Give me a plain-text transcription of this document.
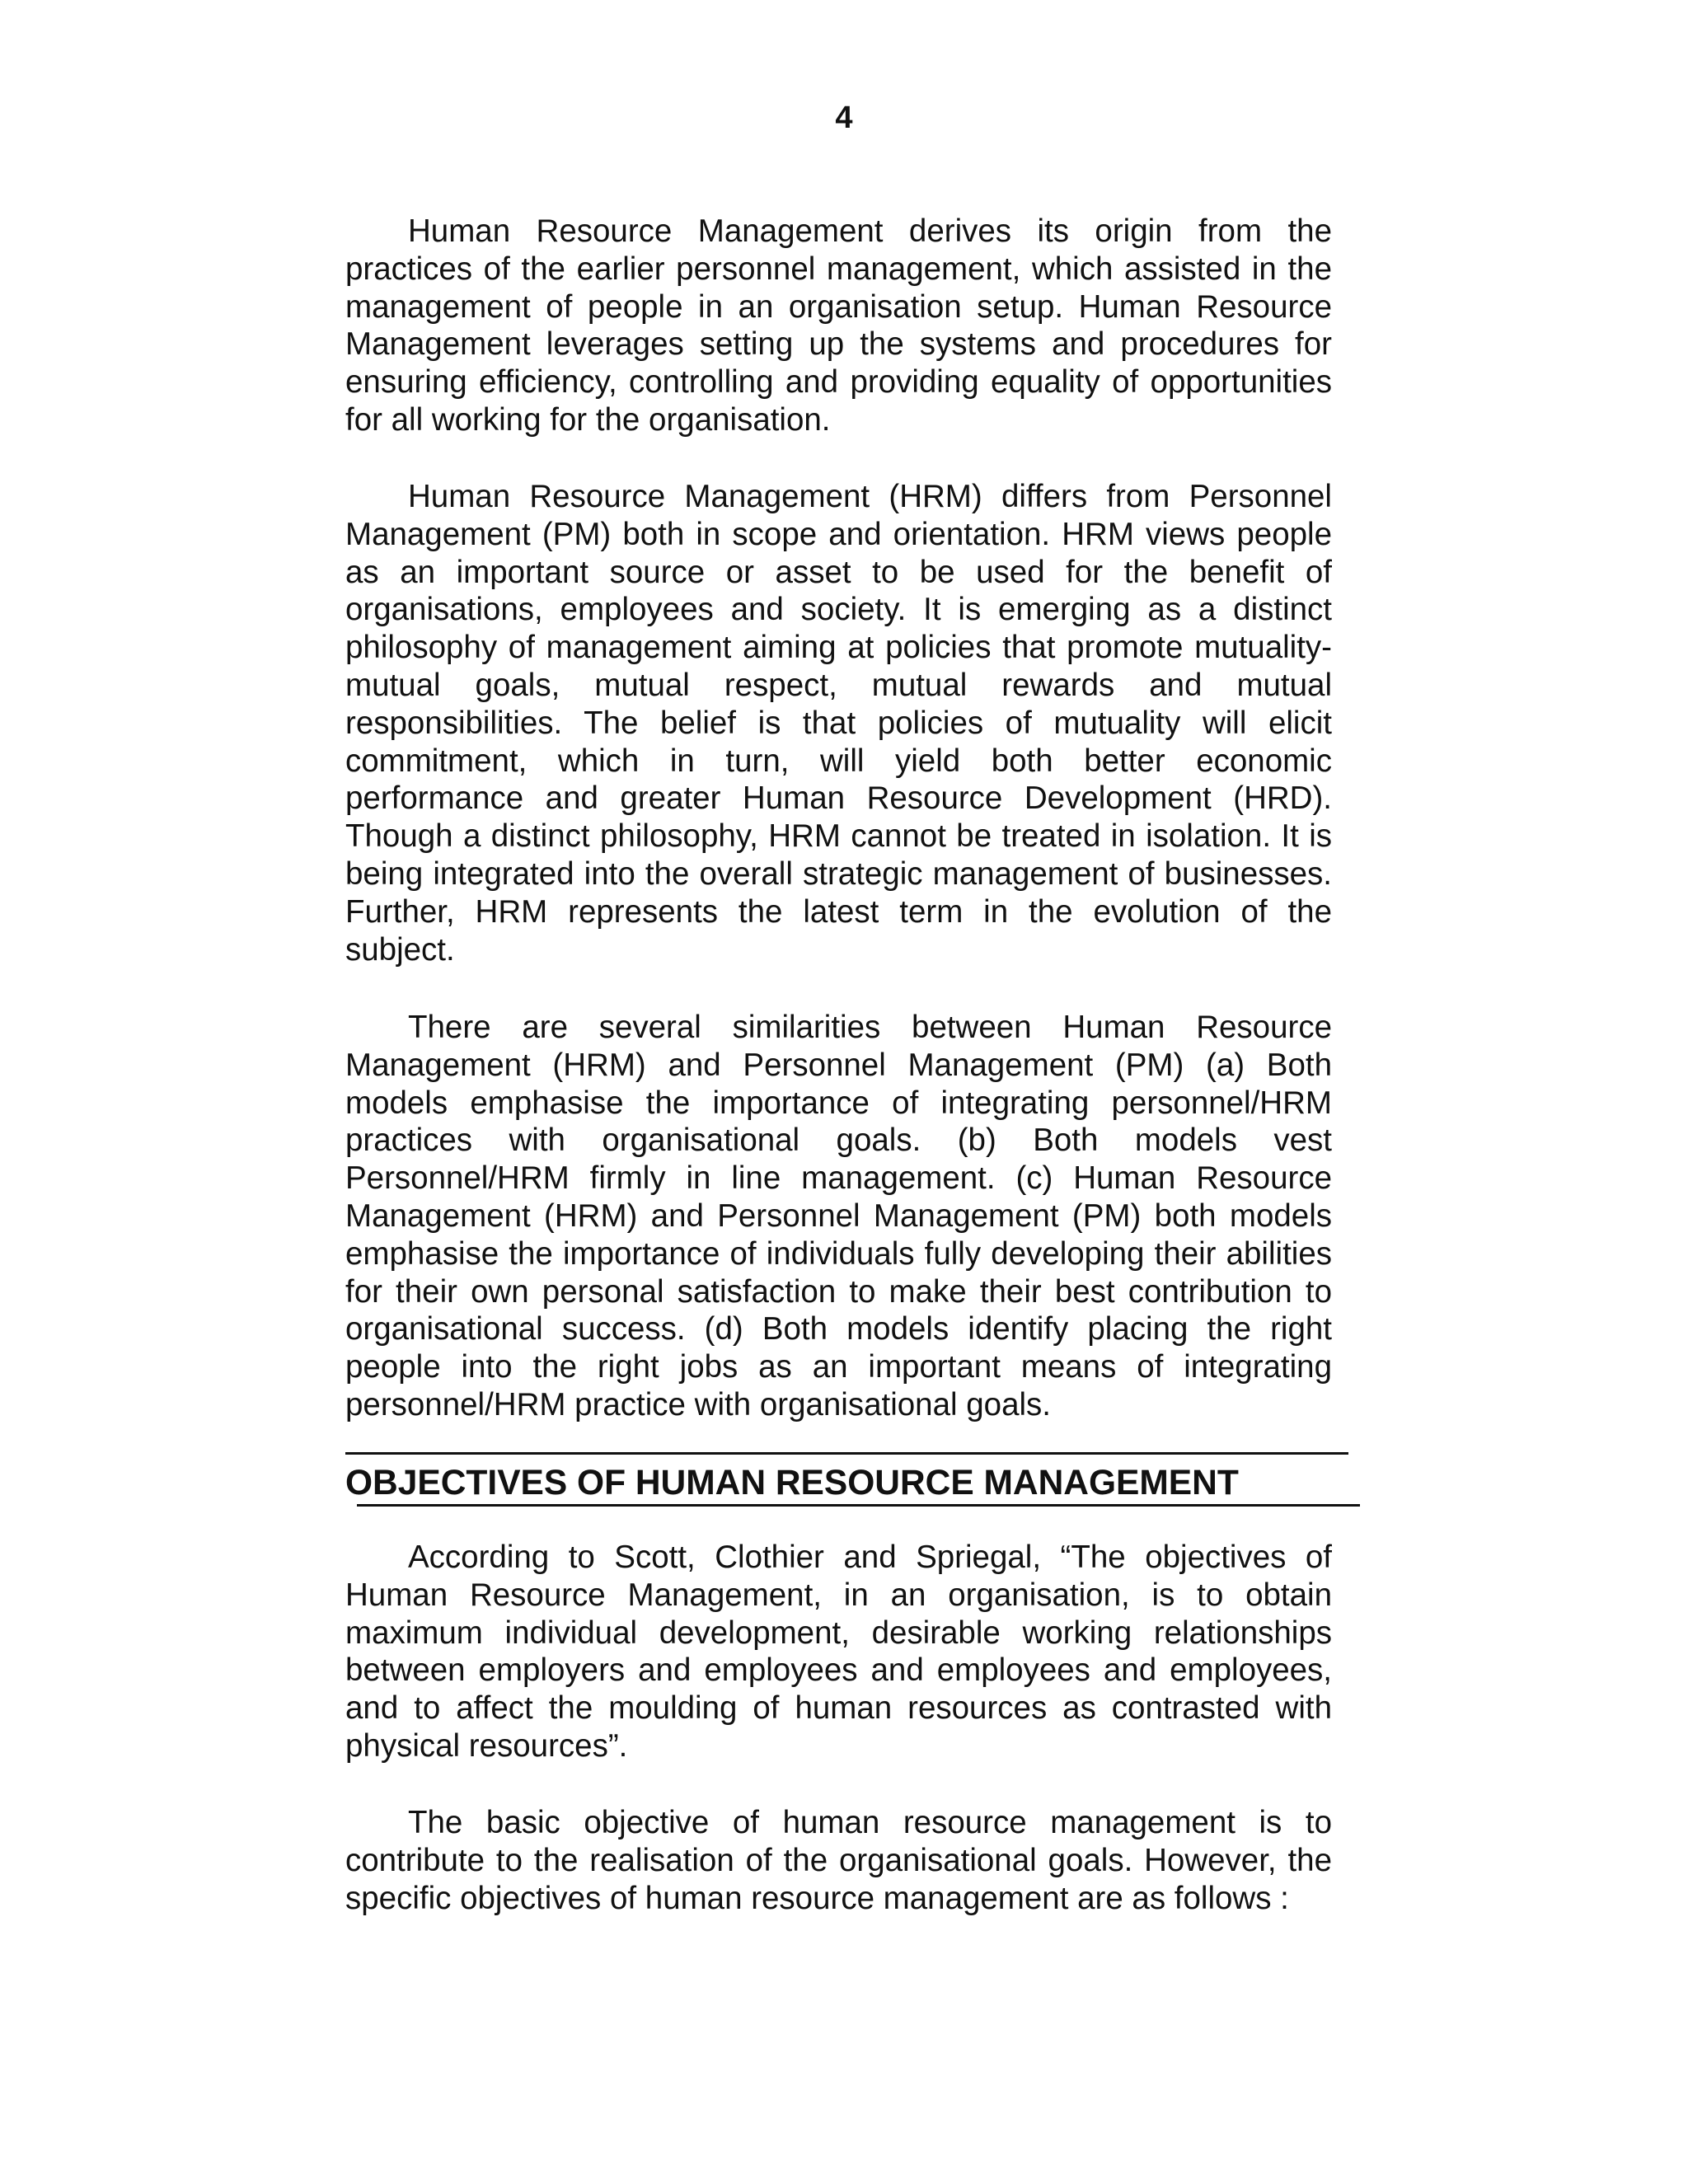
4

Human Resource Management derives its origin from the practices of the earlier personnel management, which assisted in the management of people in an organisation setup. Human Resource Management leverages setting up the systems and procedures for ensuring efficiency, controlling and providing equality of opportunities for all working for the organisation.

Human Resource Management (HRM) differs from Personnel Management (PM) both in scope and orientation. HRM views people as an important source or asset to be used for the benefit of organisations, employees and society. It is emerging as a distinct philosophy of management aiming at policies that promote mutuality-mutual goals, mutual respect, mutual rewards and mutual responsibilities. The belief is that policies of mutuality will elicit commitment, which in turn, will yield both better economic performance and greater Human Resource Development (HRD). Though a distinct philosophy, HRM cannot be treated in isolation. It is being integrated into the overall strategic management of businesses. Further, HRM represents the latest term in the evolution of the subject.

There are several similarities between Human Resource Management (HRM) and Personnel Management (PM) (a) Both models emphasise the importance of integrating personnel/HRM practices with organisational goals. (b) Both models vest Personnel/HRM firmly in line management. (c) Human Resource Management (HRM) and Personnel Management (PM) both models emphasise the importance of individuals fully developing their abilities for their own personal satisfaction to make their best contribution to organisational success. (d) Both models identify placing the right people into the right jobs as an important means of integrating personnel/HRM practice with organisational goals.

OBJECTIVES OF HUMAN RESOURCE MANAGEMENT

According to Scott, Clothier and Spriegal, “The objectives of Human Resource Management, in an organisation, is to obtain maximum individual development, desirable working relationships between employers and employees and employees and employees, and to affect the moulding of human resources as contrasted with physical resources”.

The basic objective of human resource management is to contribute to the realisation of the organisational goals. However, the specific objectives of human resource management are as follows :
